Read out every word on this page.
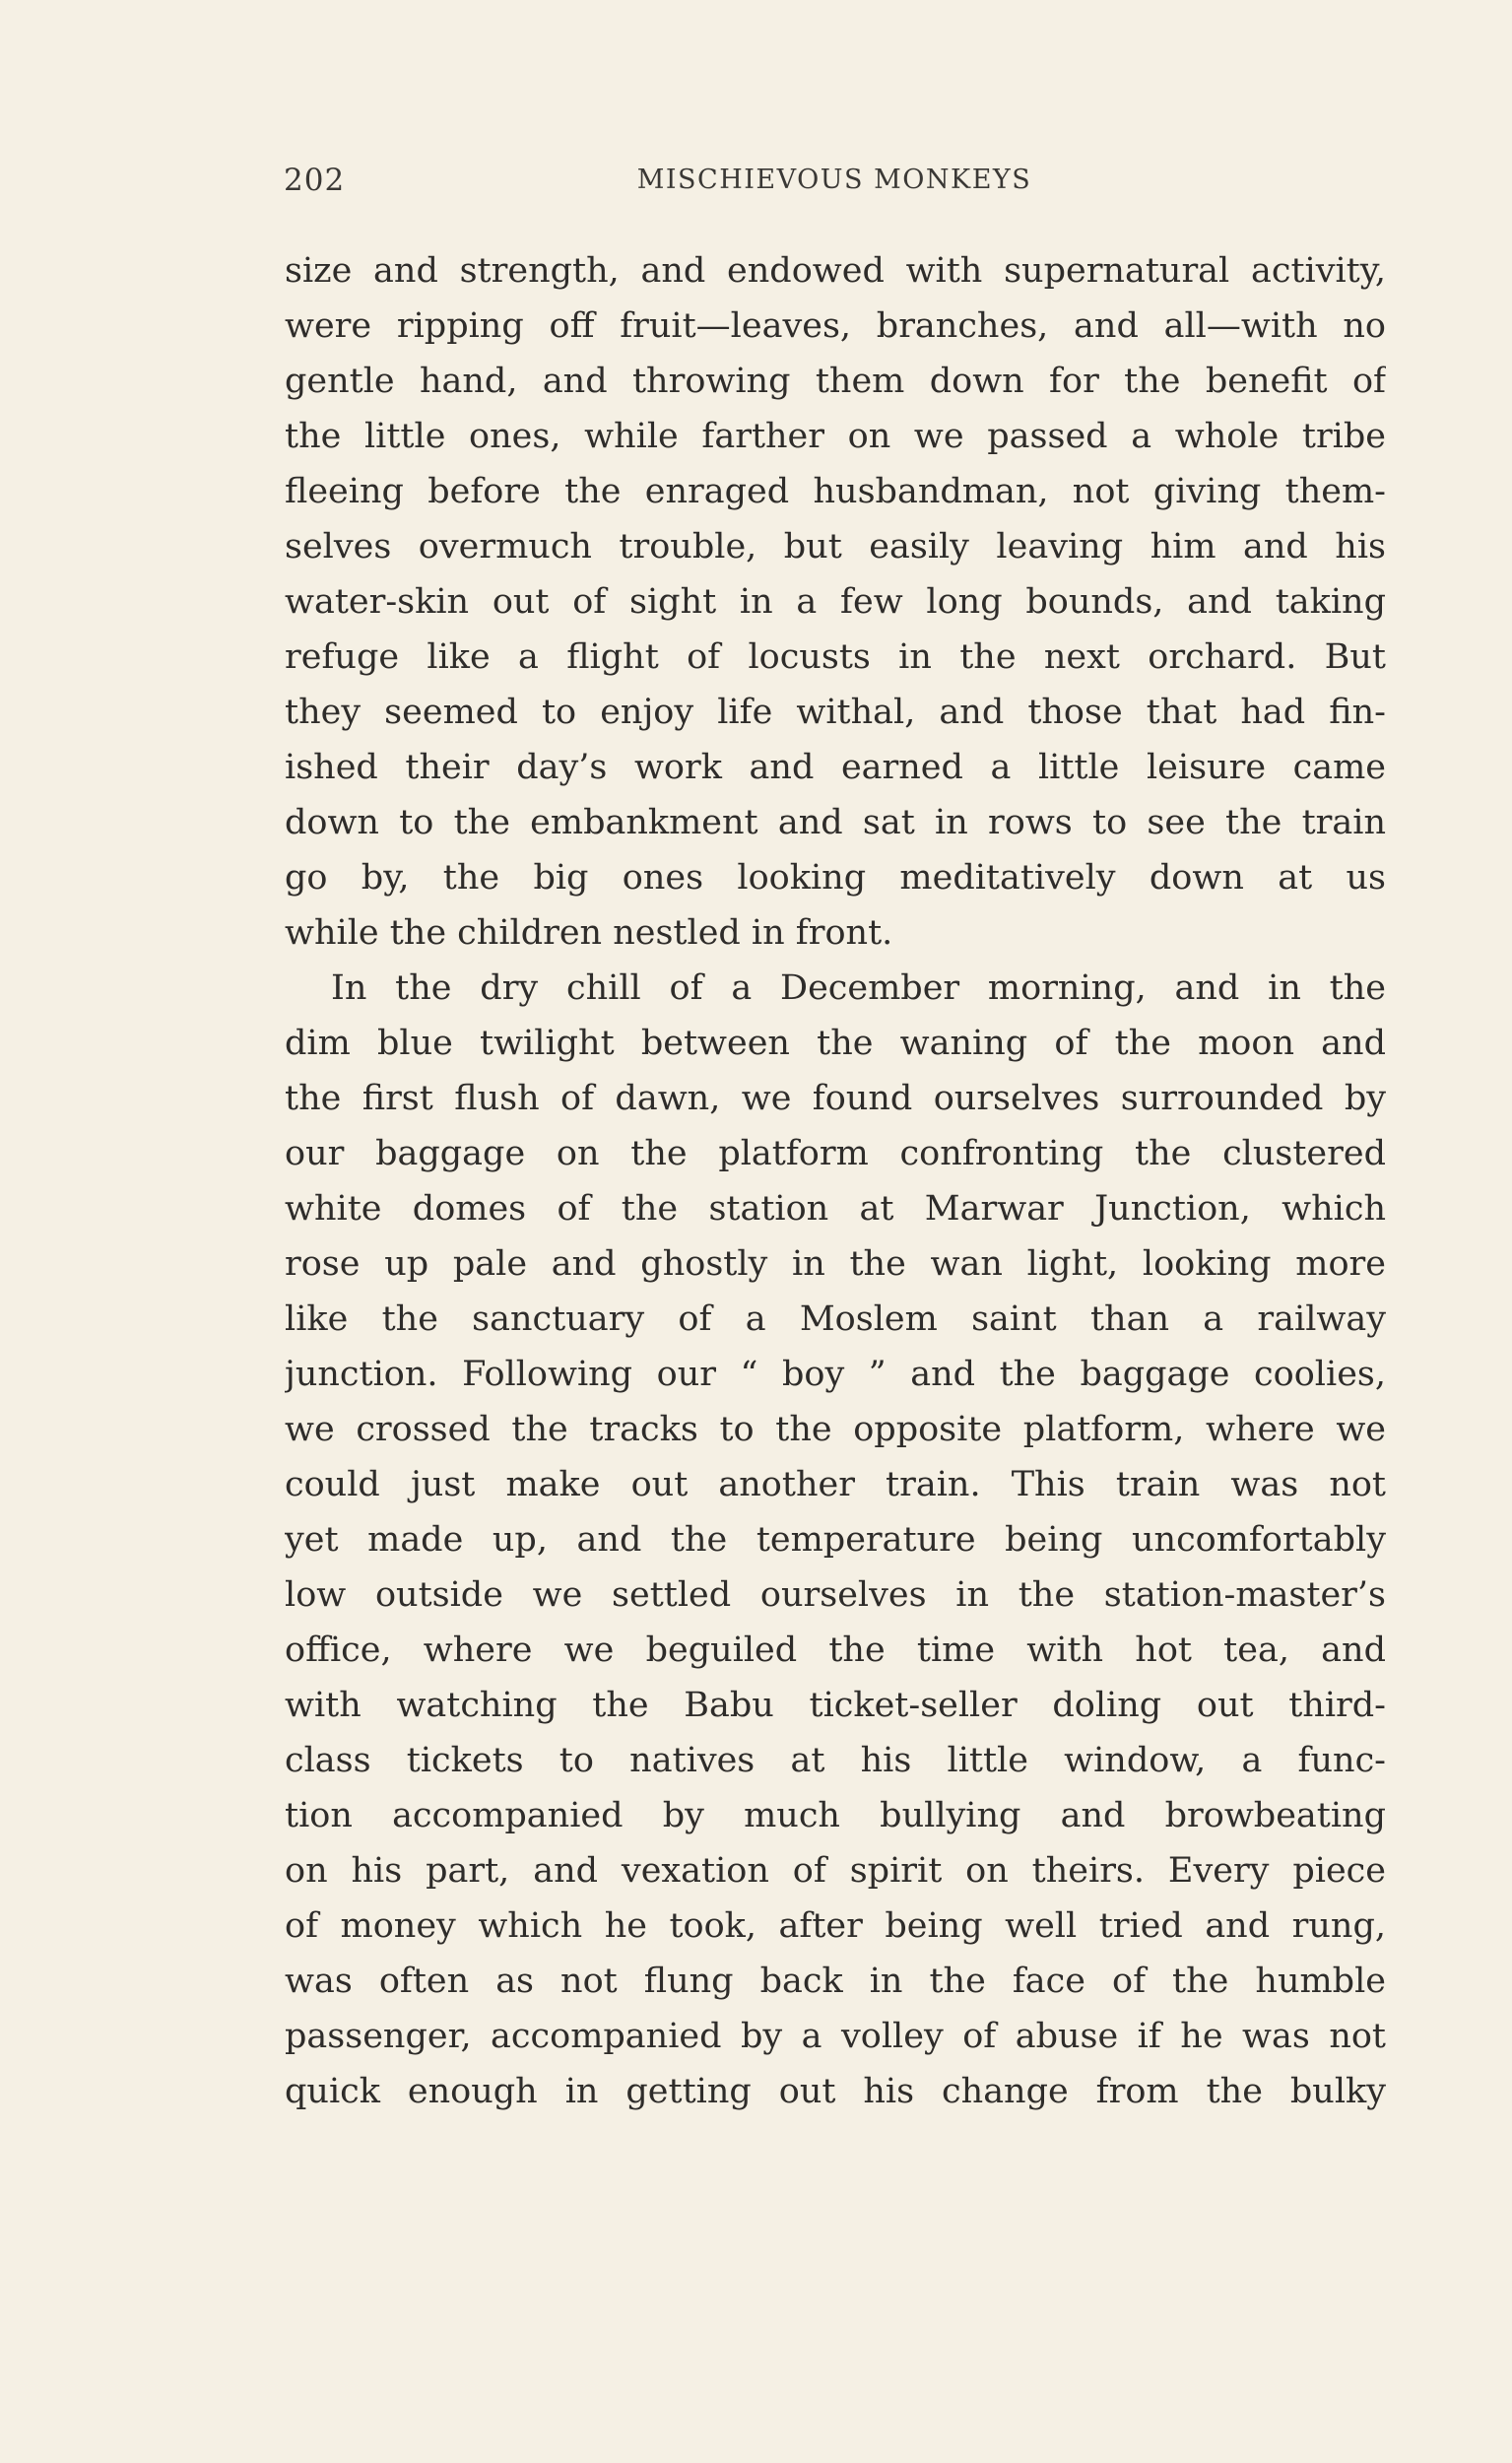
202	MISCHIEVOUS MONKEYS
size and strength, and endowed with supernatural activity,
were ripping off fruit—leaves, branches, and all—with no
gentle hand, and throwing them down for the benefit of
the little ones, while farther on we passed a whole tribe
fleeing before the enraged husbandman, not giving them-
selves overmuch trouble, but easily leaving him and his
water-skin out of sight in a few long bounds, and taking
refuge like a flight of locusts in the next orchard. But
they seemed to enjoy life withal, and those that had fin-
ished their day’s work and earned a little leisure came
down to the embankment and sat in rows to see the train
go by, the big ones looking meditatively down at us
while the children nestled in front.
In the dry chill of a December morning, and in the
dim blue twilight between the waning of the moon and
the first flush of dawn, we found ourselves surrounded by
our baggage on the platform confronting the clustered
white domes of the station at Marwar Junction, which
rose up pale and ghostly in the wan light, looking more
like the sanctuary of a Moslem saint than a railway
junction. Following our “ boy ” and the baggage coolies,
we crossed the tracks to the opposite platform, where we
could just make out another train. This train was not
yet made up, and the temperature being uncomfortably
low outside we settled ourselves in the station-master’s
office, where we beguiled the time with hot tea, and
with watching the Babu ticket-seller doling out third-
class tickets to natives at his little window, a func-
tion accompanied by much bullying and browbeating
on his part, and vexation of spirit on theirs. Every piece
of money which he took, after being well tried and rung,
was often as not flung back in the face of the humble
passenger, accompanied by a volley of abuse if he was not
quick enough in getting out his change from the bulky
